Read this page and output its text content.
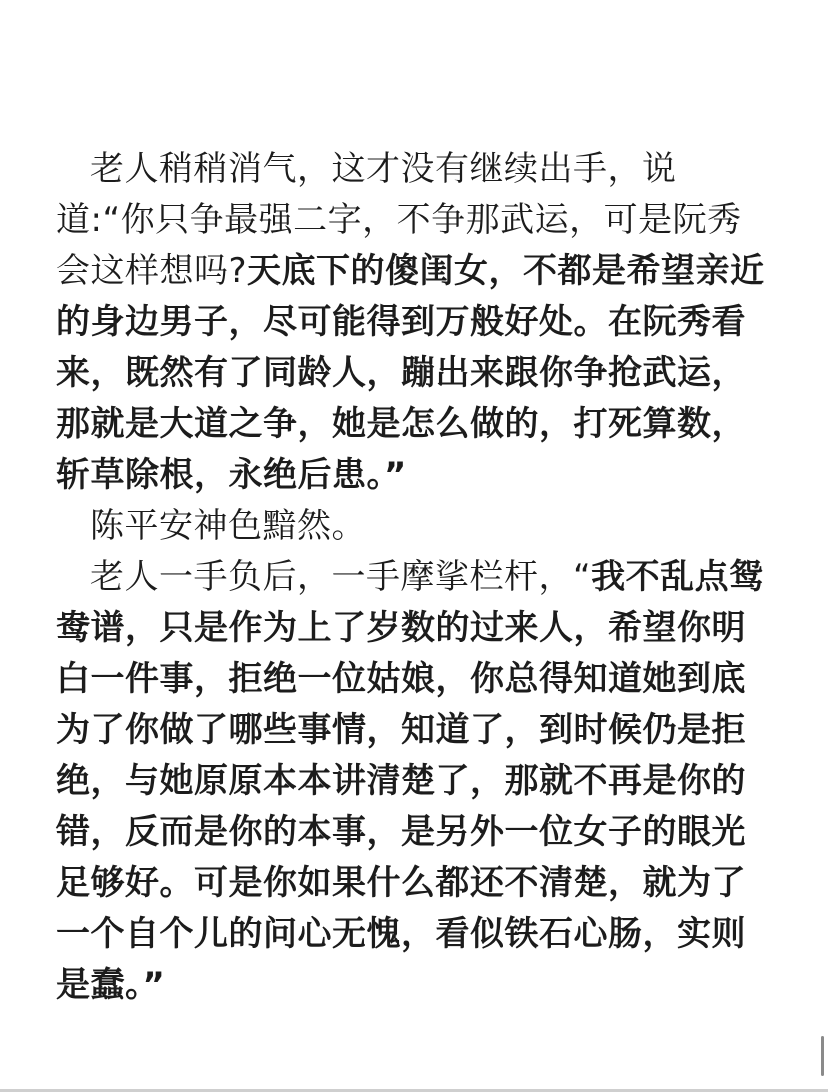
老人稍稍消气，这才没有继续出手，说道:“你只争最强二字，不争那武运，可是阮秀会这样想吗?天底下的傻闺女，不都是希望亲近的身边男子，尽可能得到万般好处。在阮秀看来，既然有了同龄人，蹦出来跟你争抢武运，那就是大道之争，她是怎么做的，打死算数，斩草除根，永绝后患。”

陈平安神色黯然。

老人一手负后，一手摩挲栏杆，“我不乱点鸳鸯谱，只是作为上了岁数的过来人，希望你明白一件事，拒绝一位姑娘，你总得知道她到底为了你做了哪些事情，知道了，到时候仍是拒绝，与她原原本本讲清楚了，那就不再是你的错，反而是你的本事，是另外一位女子的眼光足够好。可是你如果什么都还不清楚，就为了一个自个儿的问心无愧，看似铁石心肠，实则是蠢。”
